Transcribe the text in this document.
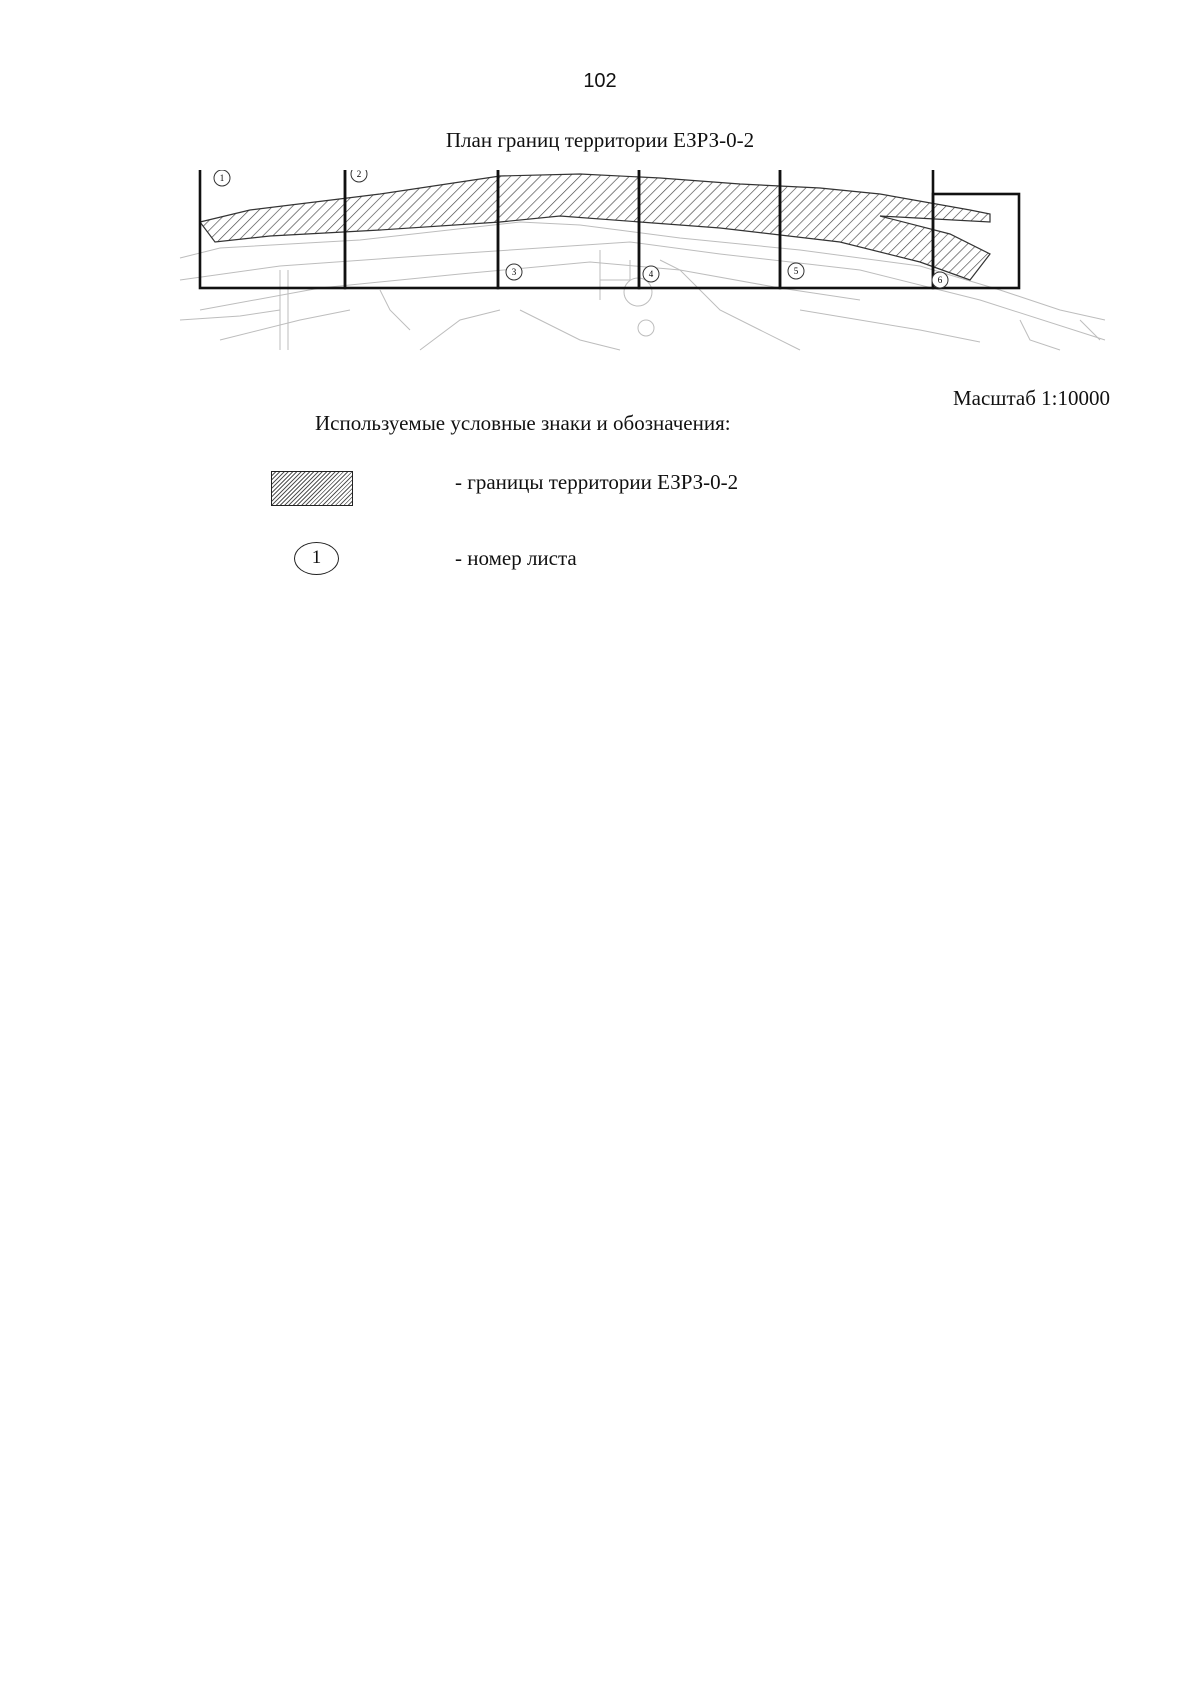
102
План границ территории ЕЗРЗ-0-2
1	2
3	4	5
6
Масштаб 1:10000
Используемые условные знаки и обозначения:
- границы территории ЕЗРЗ-0-2
1	- номер листа
